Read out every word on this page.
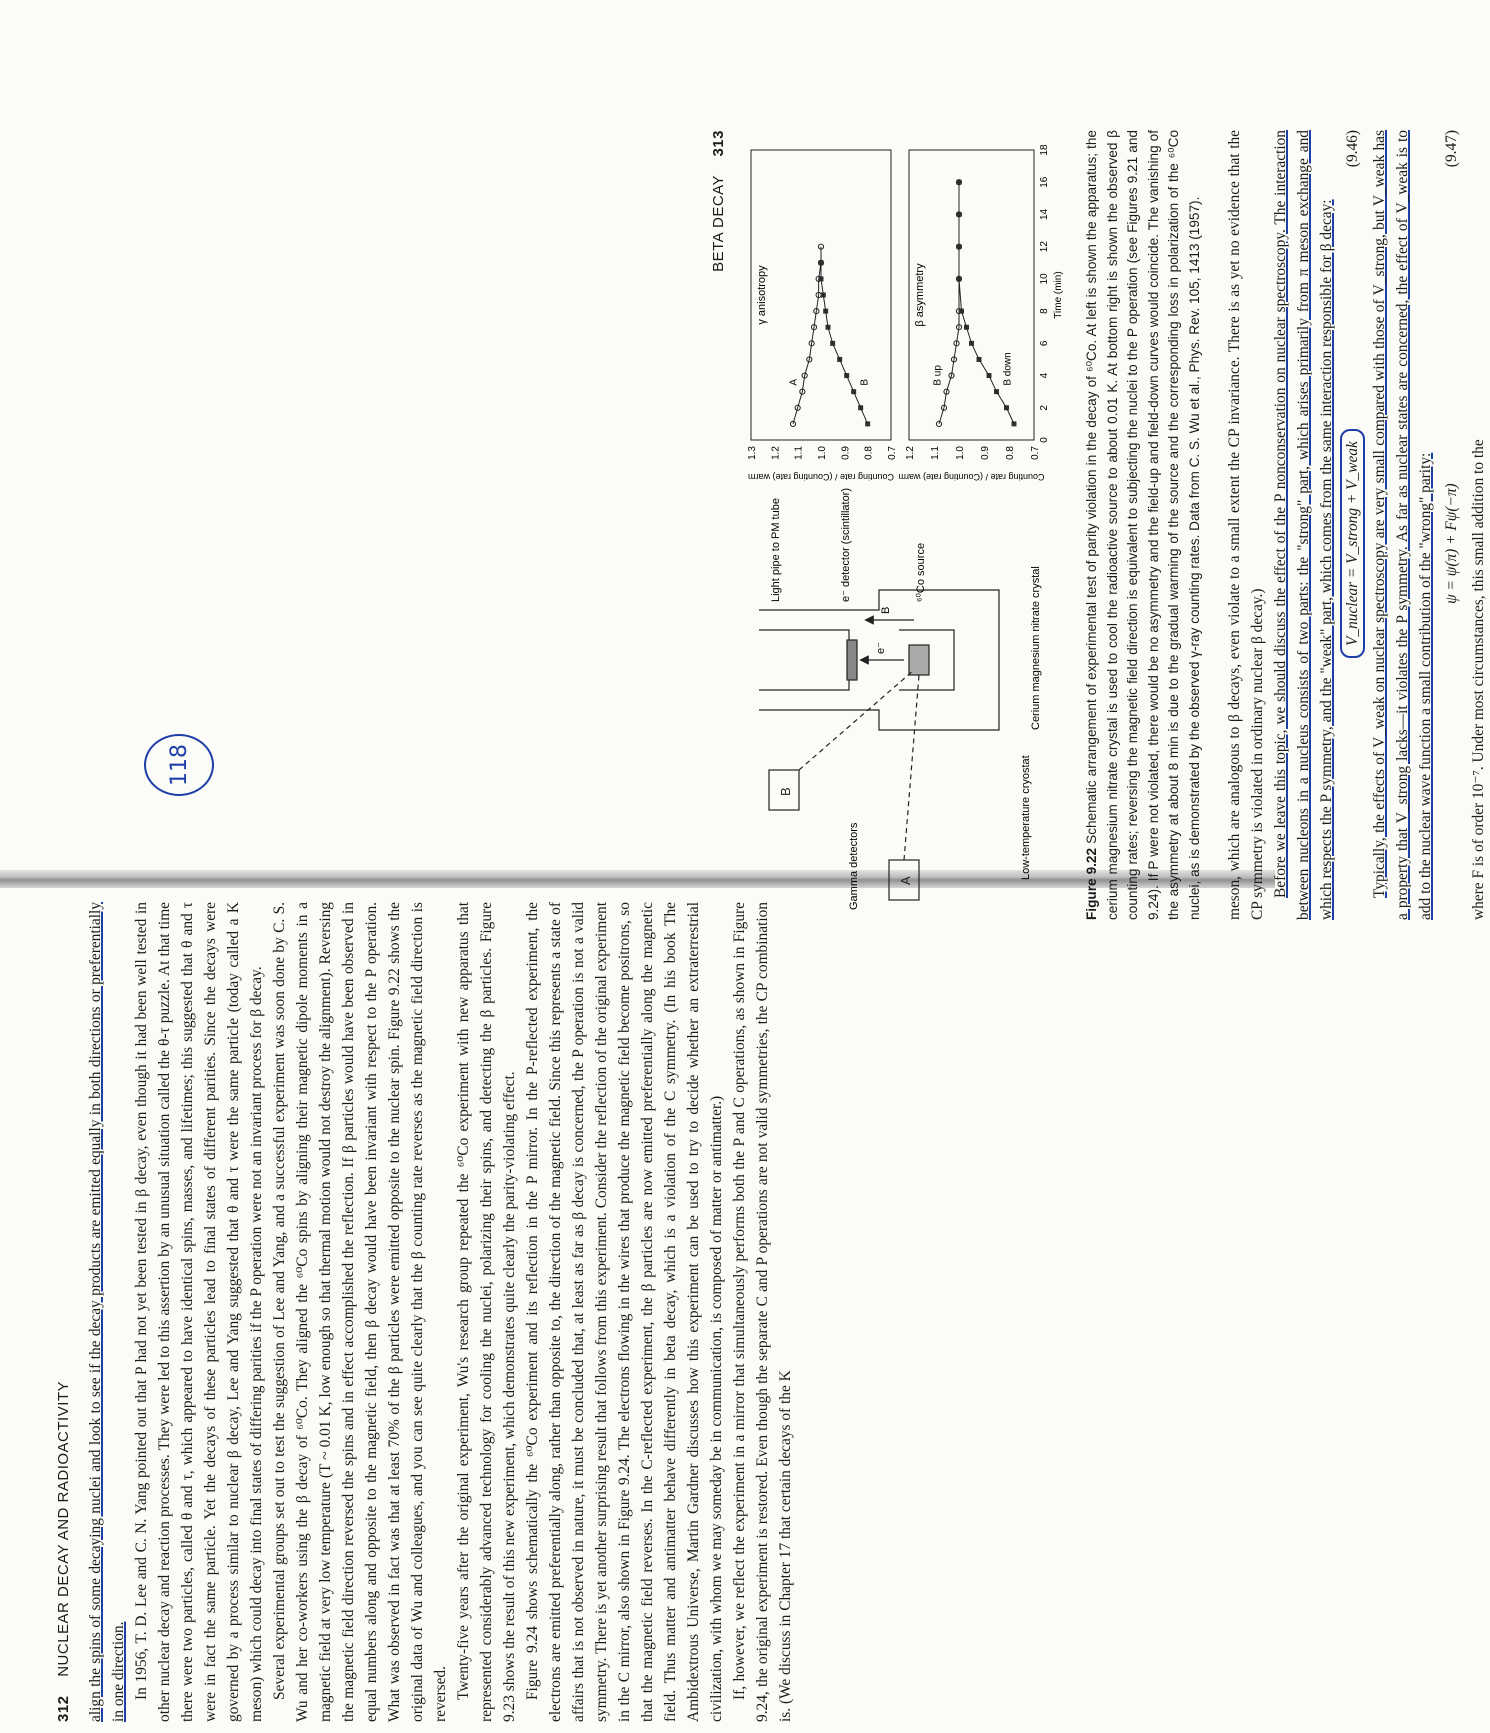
312 NUCLEAR DECAY AND RADIOACTIVITY align the spins of some decaying nuclei and look to see if the decay products are emitted equally in both directions or preferentially in one direction. In 1956, T. D. Lee and C. N. Yang pointed out that P had not yet been tested in β decay, even though it had been well tested in other nuclear decay and reaction processes. They were led to this assertion by an unusual situation called the θ-τ puzzle. At that time there were two particles, called θ and τ, which appeared to have identical spins, masses, and lifetimes; this suggested that θ and τ were in fact the same particle. Yet the decays of these particles lead to final states of different parities. Since the decays were governed by a process similar to nuclear β decay, Lee and Yang suggested that θ and τ were the same particle (today called a K meson) which could decay into final states of differing parities if the P operation were not an invariant process for β decay. Several experimental groups set out to test the suggestion of Lee and Yang, and a successful experiment was soon done by C. S. Wu and her co-workers using the β decay of ⁶⁰Co. They aligned the ⁶⁰Co spins by aligning their magnetic dipole moments in a magnetic field at very low temperature (T ~ 0.01 K, low enough so that thermal motion would not destroy the alignment). Reversing the magnetic field direction reversed the spins and in effect accomplished the reflection. If β particles would have been observed in equal numbers along and opposite to the magnetic field, then β decay would have been invariant with respect to the P operation. What was observed in fact was that at least 70% of the β particles were emitted opposite to the nuclear spin. Figure 9.22 shows the original data of Wu and colleagues, and you can see quite clearly that the β counting rate reverses as the magnetic field direction is reversed. Twenty-five years after the original experiment, Wu's research group repeated the ⁶⁰Co experiment with new apparatus that represented considerably advanced technology for cooling the nuclei, polarizing their spins, and detecting the β particles. Figure 9.23 shows the result of this new experiment, which demonstrates quite clearly the parity-violating effect. Figure 9.24 shows schematically the ⁶⁰Co experiment and its reflection in the P mirror. In the P-reflected experiment, the electrons are emitted preferentially along, rather than opposite to, the direction of the magnetic field. Since this represents a state of affairs that is not observed in nature, it must be concluded that, at least as far as β decay is concerned, the P operation is not a valid symmetry. There is yet another surprising result that follows from this experiment. Consider the reflection of the original experiment in the C mirror, also shown in Figure 9.24. The electrons flowing in the wires that produce the magnetic field become positrons, so that the magnetic field reverses. In the C-reflected experiment, the β particles are now emitted preferentially along the magnetic field. Thus matter and antimatter behave differently in beta decay, which is a violation of the C symmetry. (In his book The Ambidextrous Universe, Martin Gardner discusses how this experiment can be used to try to decide whether an extraterrestrial civilization, with whom we may someday be in communication, is composed of matter or antimatter.) If, however, we reflect the experiment in a mirror that simultaneously performs both the P and C operations, as shown in Figure 9.24, the original experiment is restored. Even though the separate C and P operations are not valid symmetries, the CP combination is. (We discuss in Chapter 17 that certain decays of the K

BETA DECAY 313
B
A
e⁻
B
Gamma detectors
Light pipe to PM tube	e⁻ detector (scintillator)	⁶⁰Co source
Low-temperature cryostat
Cerium magnesium nitrate crystal
γ anisotropy
1.3 1.2 1.1 1.0 0.9 0.8 0.7
Counting rate / (Counting rate) warm
A	B
β asymmetry
1.2 1.1 1.0 0.9 0.8 0.7
0
2
4
6
8
10
12
14
16
18
Time (min)
Counting rate / (Counting rate) warm
B up	B down
Figure 9.22 Schematic arrangement of experimental test of parity violation in the decay of ⁶⁰Co. At left is shown the apparatus; the cerium magnesium nitrate crystal is used to cool the radioactive source to about 0.01 K. At bottom right is shown the observed β counting rates; reversing the magnetic field direction is equivalent to subjecting the nuclei to the P operation (see Figures 9.21 and 9.24). If P were not violated, there would be no asymmetry and the field-up and field-down curves would coincide. The vanishing of the asymmetry at about 8 min is due to the gradual warming of the source and the corresponding loss in polarization of the ⁶⁰Co nuclei, as is demonstrated by the observed γ-ray counting rates. Data from C. S. Wu et al., Phys. Rev. 105, 1413 (1957). meson, which are analogous to β decays, even violate to a small extent the CP invariance. There is as yet no evidence that the CP symmetry is violated in ordinary nuclear β decay.) Before we leave this topic, we should discuss the effect of the P nonconservation on nuclear spectroscopy. The interaction between nucleons in a nucleus consists of two parts: the "strong" part, which arises primarily from π meson exchange and which respects the P symmetry, and the "weak" part, which comes from the same interaction responsible for β decay: V_nuclear = V_strong + V_weak
(9.46) Typically, the effects of V_weak on nuclear spectroscopy are very small compared with those of V_strong, but V_weak has a property that V_strong lacks—it violates the P symmetry. As far as nuclear states are concerned, the effect of V_weak is to add to the nuclear wave function a small contribution of the "wrong" parity: ψ = ψ(π) + Fψ(−π)
(9.47)

where F is of order 10⁻⁷. Under most circumstances, this small addition to the

118
